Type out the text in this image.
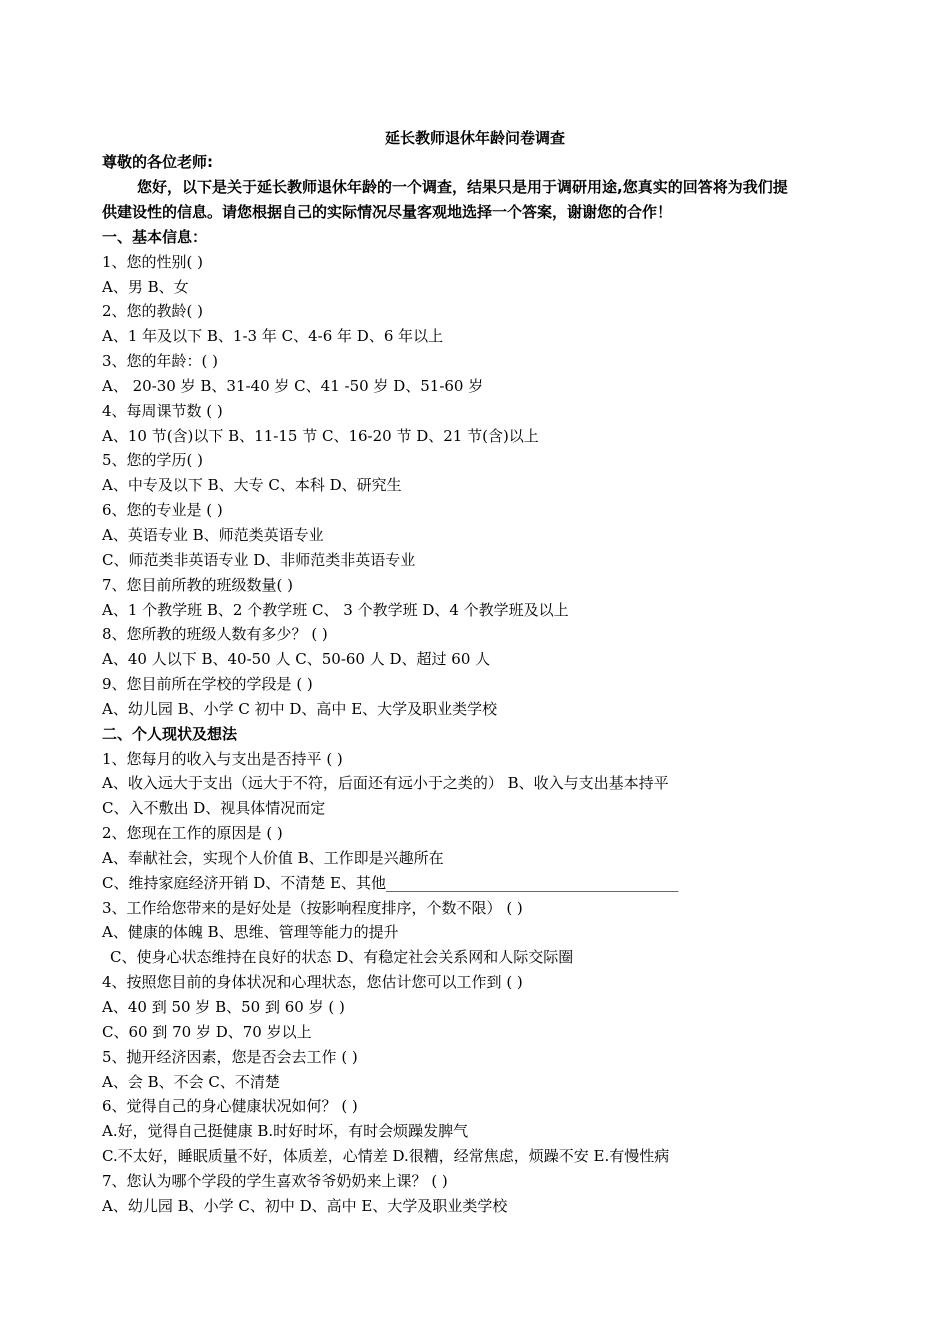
延长教师退休年龄问卷调查
尊敬的各位老师:
您好，以下是关于延长教师退休年龄的一个调查，结果只是用于调研用途,您真实的回答将为我们提
供建设性的信息。请您根据自己的实际情况尽量客观地选择一个答案，谢谢您的合作！
一、基本信息：
1、您的性别( )
A、男 B、女
2、您的教龄( )
A、1 年及以下 B、1-3 年 C、4-6 年 D、6 年以上
3、您的年龄：( )
A、 20-30 岁 B、31-40 岁 C、41 -50 岁 D、51-60 岁
4、每周课节数 ( )
A、10 节(含)以下 B、11-15 节 C、16-20 节 D、21 节(含)以上
5、您的学历( )
A、中专及以下 B、大专 C、本科 D、研究生
6、您的专业是 ( )
A、英语专业 B、师范类英语专业
C、师范类非英语专业 D、非师范类非英语专业
7、您目前所教的班级数量( )
A、1 个教学班 B、2 个教学班 C、 3 个教学班 D、4 个教学班及以上
8、您所教的班级人数有多少？ ( )
A、40 人以下 B、40-50 人 C、50-60 人 D、超过 60 人
9、您目前所在学校的学段是 ( )
A、幼儿园 B、小学 C 初中 D、高中 E、大学及职业类学校
二、个人现状及想法
1、您每月的收入与支出是否持平 ( )
A、收入远大于支出（远大于不符，后面还有远小于之类的） B、收入与支出基本持平
C、入不敷出 D、视具体情况而定
2、您现在工作的原因是 ( )
A、奉献社会，实现个人价值 B、工作即是兴趣所在
C、维持家庭经济开销 D、不清楚 E、其他_______________________________________
3、工作给您带来的是好处是（按影响程度排序，个数不限） ( )
A、健康的体魄 B、思维、管理等能力的提升
C、使身心状态维持在良好的状态 D、有稳定社会关系网和人际交际圈
4、按照您目前的身体状况和心理状态，您估计您可以工作到 ( )
A、40 到 50 岁 B、50 到 60 岁 ( )
C、60 到 70 岁 D、70 岁以上
5、抛开经济因素，您是否会去工作 ( )
A、会 B、不会 C、不清楚
6、觉得自己的身心健康状况如何？ ( )
A.好，觉得自己挺健康 B.时好时坏，有时会烦躁发脾气
C.不太好，睡眠质量不好，体质差，心情差 D.很糟，经常焦虑，烦躁不安 E.有慢性病
7、您认为哪个学段的学生喜欢爷爷奶奶来上课？ ( )
A、幼儿园 B、小学 C、初中 D、高中 E、大学及职业类学校
